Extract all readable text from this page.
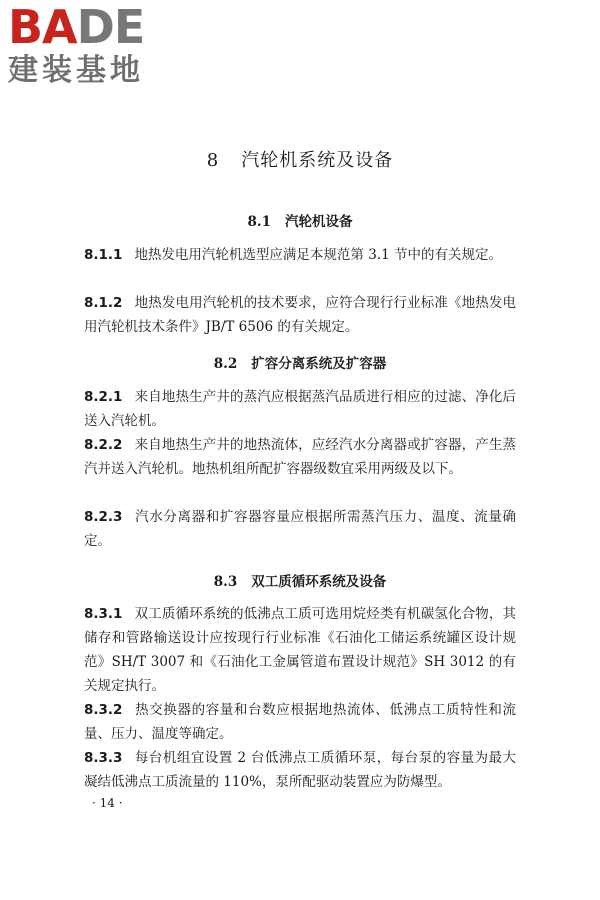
BADE
建装基地
8 汽轮机系统及设备
8.1 汽轮机设备
8.1.1 地热发电用汽轮机选型应满足本规范第 3.1 节中的有关规定。
8.1.2 地热发电用汽轮机的技术要求，应符合现行行业标准《地热发电用汽轮机技术条件》JB/T 6506 的有关规定。
8.2 扩容分离系统及扩容器
8.2.1 来自地热生产井的蒸汽应根据蒸汽品质进行相应的过滤、净化后送入汽轮机。
8.2.2 来自地热生产井的地热流体，应经汽水分离器或扩容器，产生蒸汽并送入汽轮机。地热机组所配扩容器级数宜采用两级及以下。
8.2.3 汽水分离器和扩容器容量应根据所需蒸汽压力、温度、流量确定。
8.3 双工质循环系统及设备
8.3.1 双工质循环系统的低沸点工质可选用烷烃类有机碳氢化合物，其储存和管路输送设计应按现行行业标准《石油化工储运系统罐区设计规范》SH/T 3007 和《石油化工金属管道布置设计规范》SH 3012 的有关规定执行。
8.3.2 热交换器的容量和台数应根据地热流体、低沸点工质特性和流量、压力、温度等确定。
8.3.3 每台机组宜设置 2 台低沸点工质循环泵，每台泵的容量为最大凝结低沸点工质流量的 110%，泵所配驱动装置应为防爆型。
· 14 ·
